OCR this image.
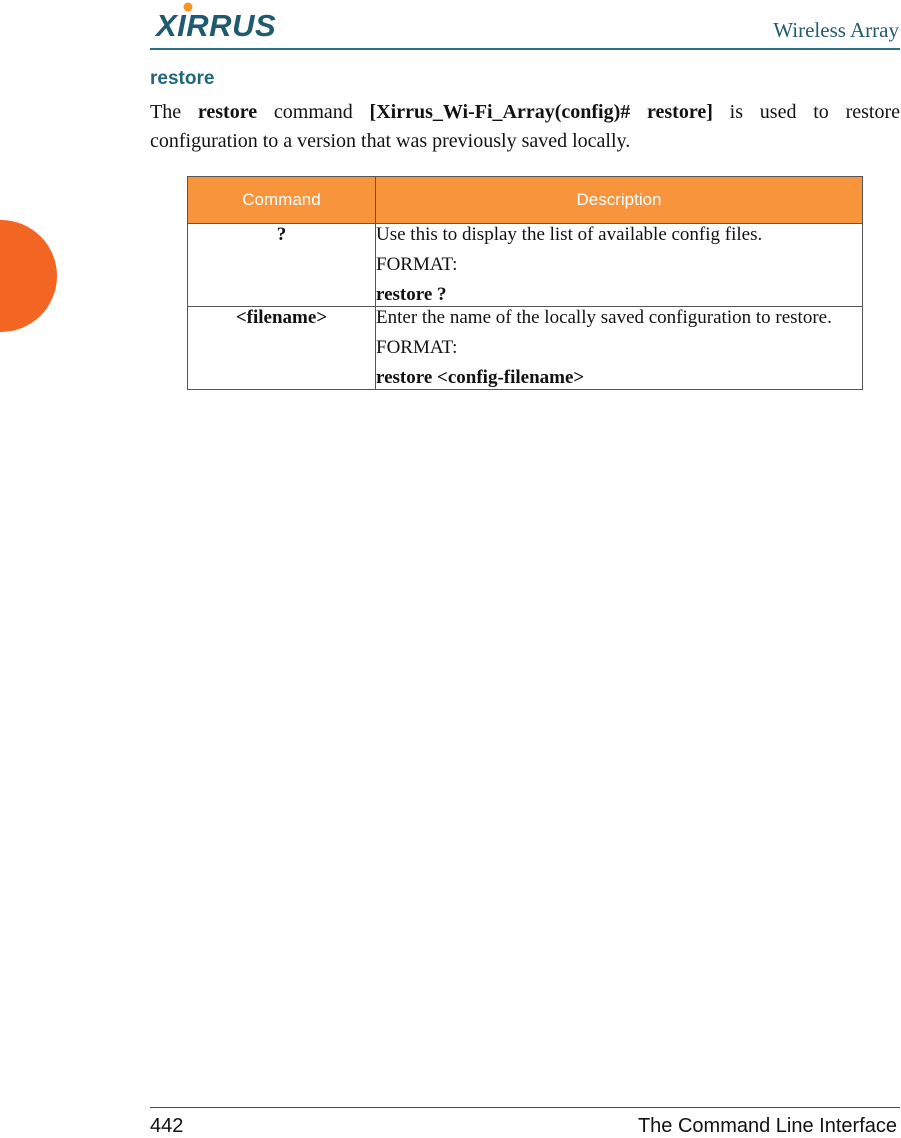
XIRRUS	Wireless Array
restore

The restore command [Xirrus_Wi-Fi_Array(config)# restore] is used to restore configuration to a version that was previously saved locally.

Command	Description
?	Use this to display the list of available config files.

FORMAT:

restore ?

<filename>	Enter the name of the locally saved configuration to restore.

FORMAT:

restore <config-filename>

442	The Command Line Interface
